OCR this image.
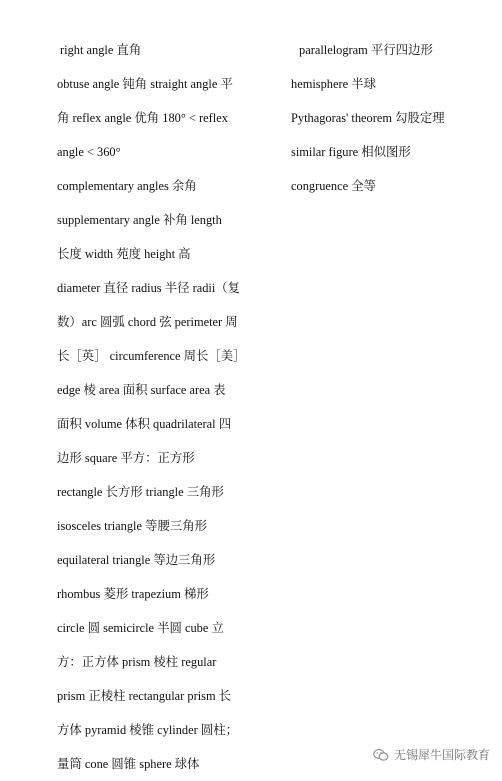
right angle 直角
obtuse angle 钝角 straight angle 平
角 reflex angle 优角 180° < reflex
angle < 360°
complementary angles 余角
supplementary angle 补角 length
长度 width 苑度 height 高
diameter 直径 radius 半径 radii（复
数）arc 圆弧 chord 弦 perimeter 周
长［英］ circumference 周长［美］
edge 棱 area 面积 surface area 表
面积 volume 体积 quadrilateral 四
边形 square 平方：正方形
rectangle 长方形 triangle 三角形
isosceles triangle 等腰三角形
equilateral triangle 等边三角形
rhombus 菱形 trapezium 梯形
circle 圆 semicircle 半圆 cube 立
方：正方体 prism 棱柱 regular
prism 正棱柱 rectangular prism 长
方体 pyramid 棱锥 cylinder 圆柱；
量筒 cone 圆锥 sphere 球体
parallelogram 平行四边形
hemisphere 半球
Pythagoras' theorem 勾股定理
similar figure 相似图形
congruence 全等
无锡犀牛国际教育
